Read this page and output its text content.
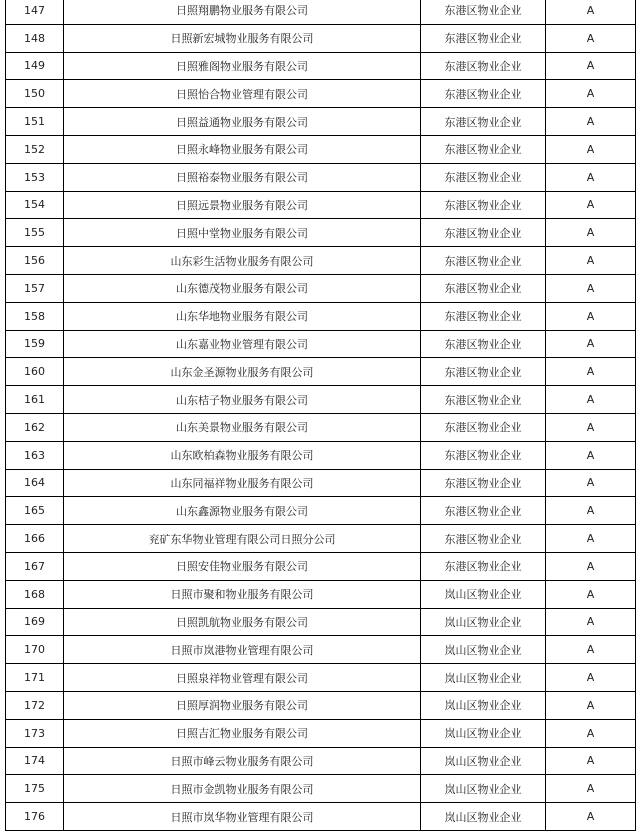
147	日照翔鹏物业服务有限公司	东港区物业企业	A
148	日照新宏城物业服务有限公司	东港区物业企业	A
149	日照雅阁物业服务有限公司	东港区物业企业	A
150	日照怡合物业管理有限公司	东港区物业企业	A
151	日照益通物业服务有限公司	东港区物业企业	A
152	日照永峰物业服务有限公司	东港区物业企业	A
153	日照裕泰物业服务有限公司	东港区物业企业	A
154	日照远景物业服务有限公司	东港区物业企业	A
155	日照中堂物业服务有限公司	东港区物业企业	A
156	山东彩生活物业服务有限公司	东港区物业企业	A
157	山东德茂物业服务有限公司	东港区物业企业	A
158	山东华地物业服务有限公司	东港区物业企业	A
159	山东嘉业物业管理有限公司	东港区物业企业	A
160	山东金圣源物业服务有限公司	东港区物业企业	A
161	山东桔子物业服务有限公司	东港区物业企业	A
162	山东美景物业服务有限公司	东港区物业企业	A
163	山东欧柏森物业服务有限公司	东港区物业企业	A
164	山东同福祥物业服务有限公司	东港区物业企业	A
165	山东鑫源物业服务有限公司	东港区物业企业	A
166	兖矿东华物业管理有限公司日照分公司	东港区物业企业	A
167	日照安佳物业服务有限公司	东港区物业企业	A
168	日照市聚和物业服务有限公司	岚山区物业企业	A
169	日照凯航物业服务有限公司	岚山区物业企业	A
170	日照市岚港物业管理有限公司	岚山区物业企业	A
171	日照泉祥物业管理有限公司	岚山区物业企业	A
172	日照厚润物业服务有限公司	岚山区物业企业	A
173	日照吉汇物业服务有限公司	岚山区物业企业	A
174	日照市峰云物业服务有限公司	岚山区物业企业	A
175	日照市金凯物业服务有限公司	岚山区物业企业	A
176	日照市岚华物业管理有限公司	岚山区物业企业	A
